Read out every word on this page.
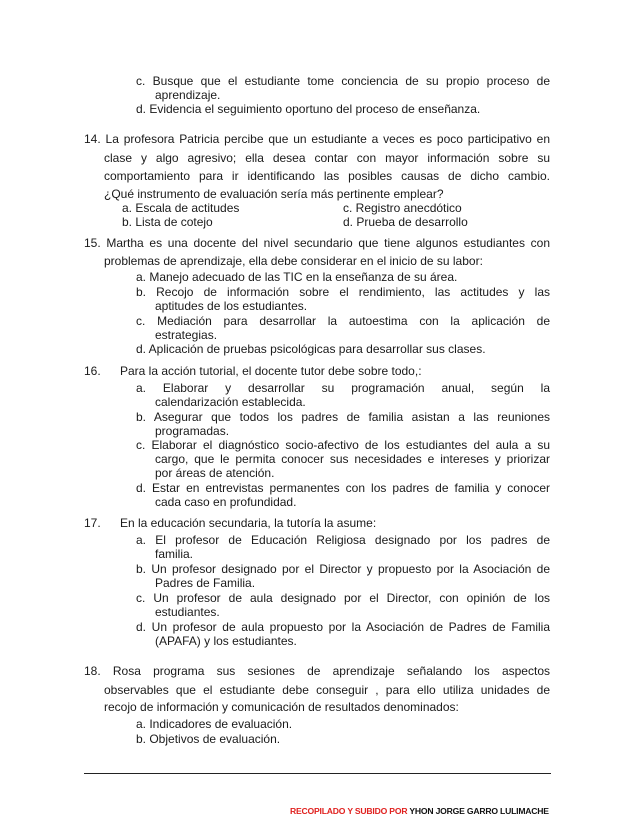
c. Busque que el estudiante tome conciencia de su propio proceso de
aprendizaje.
d. Evidencia el seguimiento oportuno del proceso de enseñanza.
14. La profesora Patricia percibe que un estudiante a veces es poco participativo en
clase y algo agresivo; ella desea contar con mayor información sobre su
comportamiento para ir identificando las posibles causas de dicho cambio.
¿Qué instrumento de evaluación sería más pertinente emplear?
a. Escala de actitudes	c. Registro anecdótico
b. Lista de cotejo	d. Prueba de desarrollo
15. Martha es una docente del nivel secundario que tiene algunos estudiantes con
problemas de aprendizaje, ella debe considerar en el inicio de su labor:
a. Manejo adecuado de las TIC en la enseñanza de su área.
b. Recojo de información sobre el rendimiento, las actitudes y las
aptitudes de los estudiantes.
c. Mediación para desarrollar la autoestima con la aplicación de
estrategias.
d. Aplicación de pruebas psicológicas para desarrollar sus clases.
16. Para la acción tutorial, el docente tutor debe sobre todo,:
a. Elaborar y desarrollar su programación anual, según la
calendarización establecida.
b. Asegurar que todos los padres de familia asistan a las reuniones
programadas.
c. Elaborar el diagnóstico socio-afectivo de los estudiantes del aula a su
cargo, que le permita conocer sus necesidades e intereses y priorizar
por áreas de atención.
d. Estar en entrevistas permanentes con los padres de familia y conocer
cada caso en profundidad.
17. En la educación secundaria, la tutoría la asume:
a. El profesor de Educación Religiosa designado por los padres de
familia.
b. Un profesor designado por el Director y propuesto por la Asociación de
Padres de Familia.
c. Un profesor de aula designado por el Director, con opinión de los
estudiantes.
d. Un profesor de aula propuesto por la Asociación de Padres de Familia
(APAFA) y los estudiantes.
18. Rosa programa sus sesiones de aprendizaje señalando los aspectos
observables que el estudiante debe conseguir , para ello utiliza unidades de
recojo de información y comunicación de resultados denominados:
a. Indicadores de evaluación.
b. Objetivos de evaluación.
RECOPILADO Y SUBIDO POR YHON JORGE GARRO LULIMACHE
